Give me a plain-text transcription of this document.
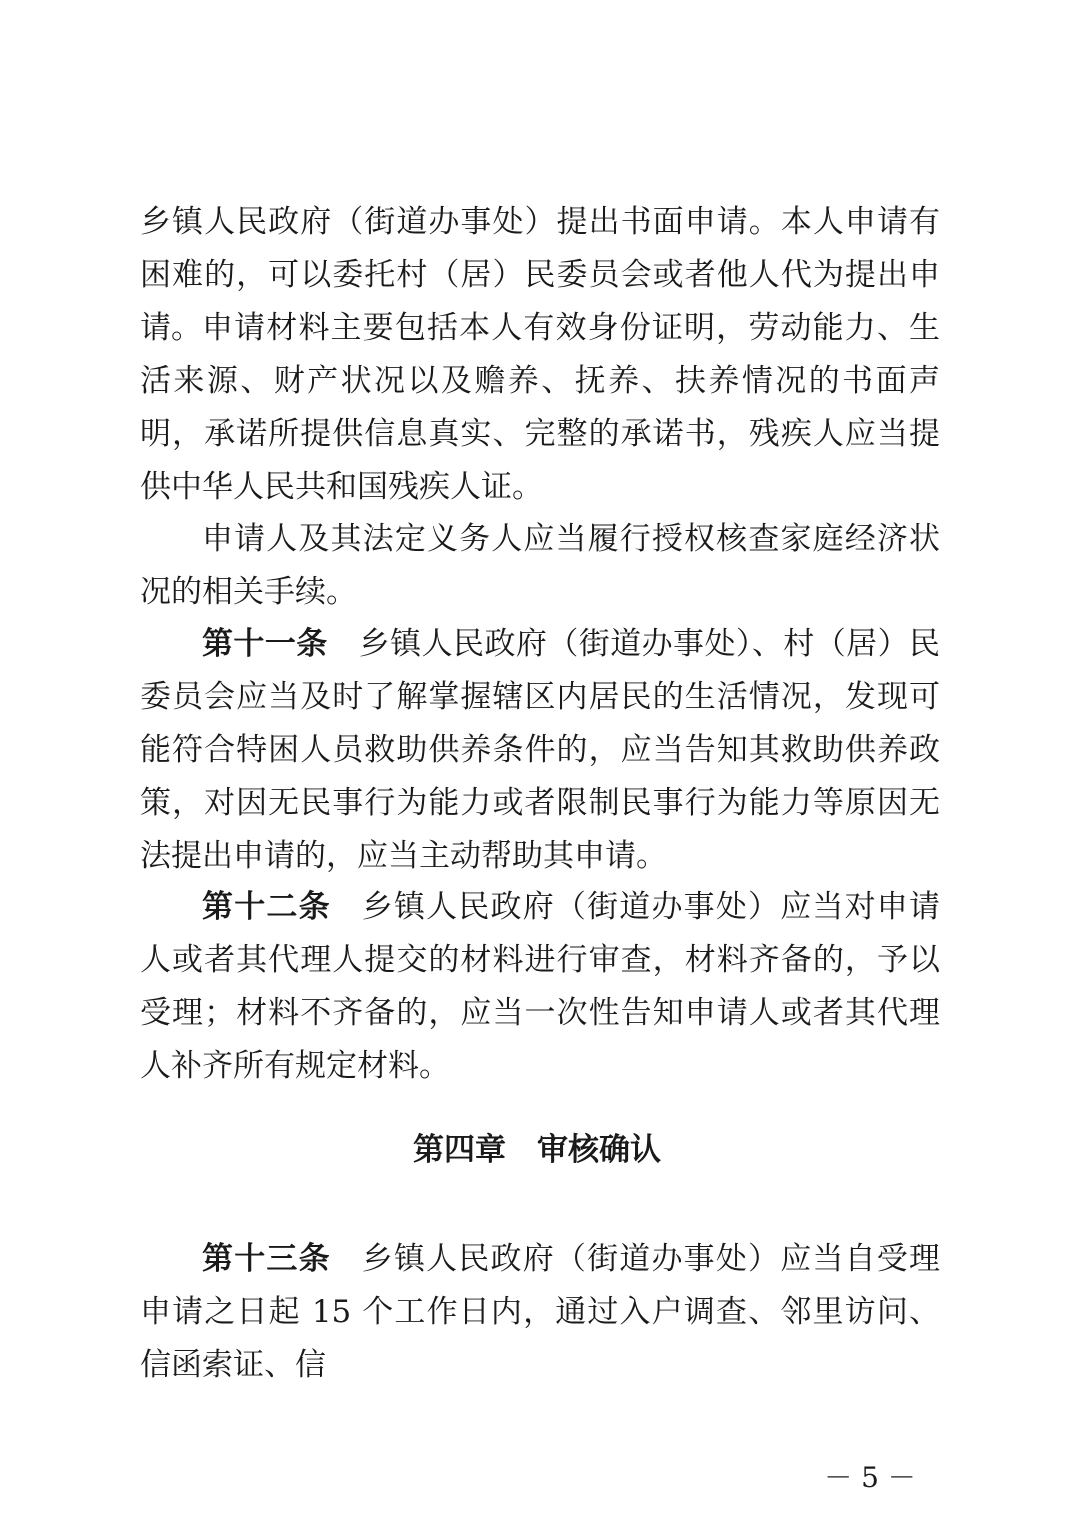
乡镇人民政府（街道办事处）提出书面申请。本人申请有困难的，可以委托村（居）民委员会或者他人代为提出申请。 申请材料主要包括本人有效身份证明，劳动能力、生活来源、财产状况以及赡养、抚养、扶养情况的书面声明，承诺所提供信息真实、完整的承诺书，残疾人应当提供中华人民共和国残疾人证。
申请人及其法定义务人应当履行授权核查家庭经济状况的相关手续。
第十一条 乡镇人民政府（街道办事处）、村（居）民委员会应当及时了解掌握辖区内居民的生活情况，发现可能符合特困人员救助供养条件的，应当告知其救助供养政策，对因无民事行为能力或者限制民事行为能力等原因无法提出申请的，应当主动帮助其申请。
第十二条 乡镇人民政府（街道办事处）应当对申请人或者其代理人提交的材料进行审查，材料齐备的，予以受理；材料不齐备的，应当一次性告知申请人或者其代理人补齐所有规定材料。
第四章　审核确认
第十三条 乡镇人民政府（街道办事处）应当自受理申请之日起 15 个工作日内，通过入户调查、邻里访问、信函索证、信
－ 5 －
